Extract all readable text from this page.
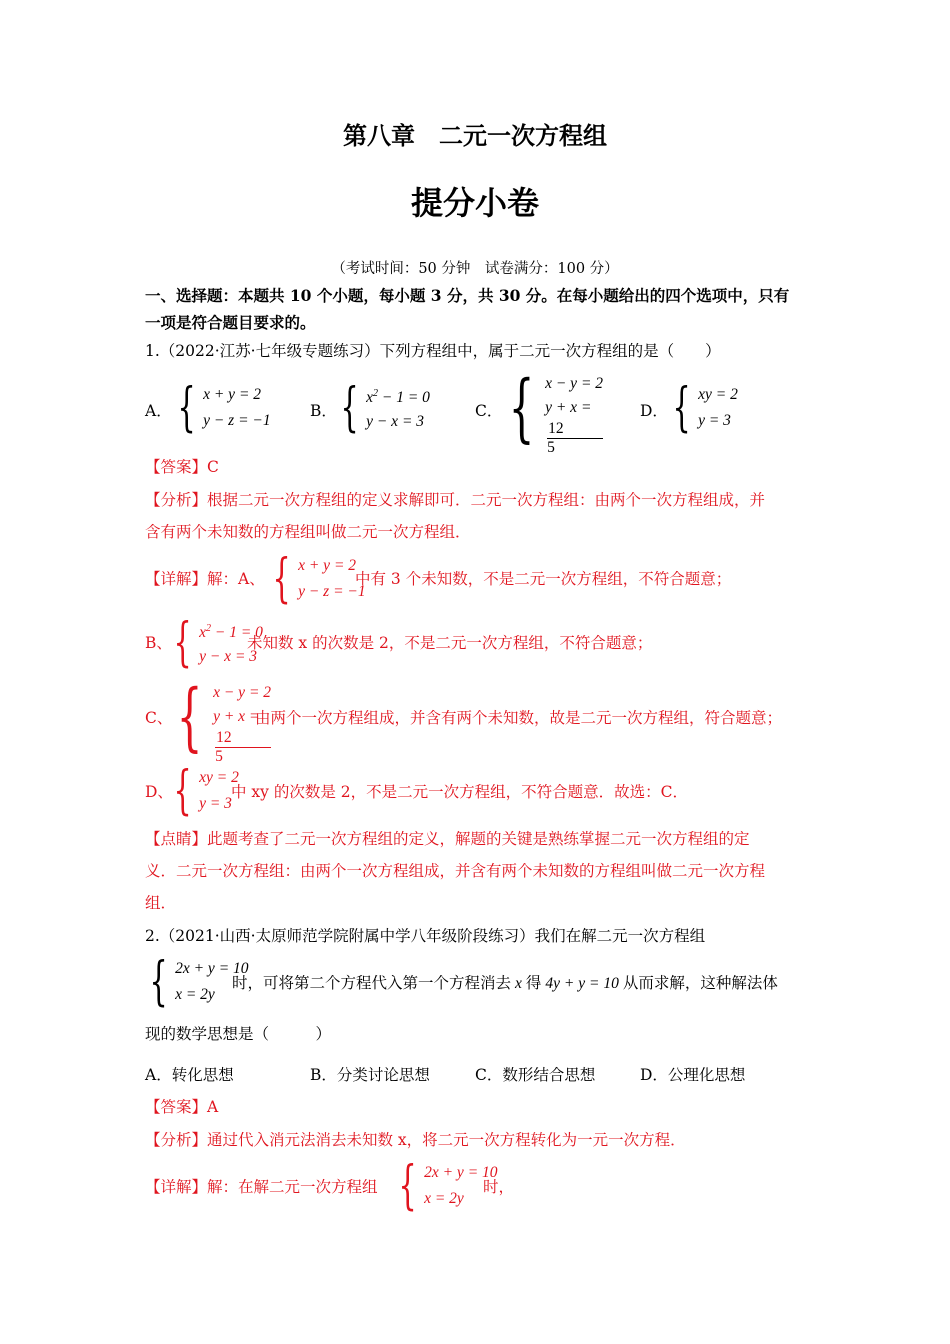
第八章　二元一次方程组
提分小卷
（考试时间：50 分钟　试卷满分：100 分）
一、选择题：本题共 10 个小题，每小题 3 分，共 30 分。在每小题给出的四个选项中，只有
一项是符合题目要求的。
1.（2022·江苏·七年级专题练习）下列方程组中，属于二元一次方程组的是（　　）
A． { x + y = 2
y − z = −1
B． { $x^2 - 1 = 0$
y − x = 3
C． { x − y = 2
y + x =
12
5
D． { xy = 2
y = 3
【答案】C
【分析】根据二元一次方程组的定义求解即可．二元一次方程组：由两个一次方程组成，并
含有两个未知数的方程组叫做二元一次方程组．
【详解】解：A、 { x + y = 2
y − z = −1
中有 3 个未知数，不是二元一次方程组，不符合题意；
B、 { $x^2 - 1 = 0$
y − x = 3
未知数 x 的次数是 2，不是二元一次方程组，不符合题意；
C、 { x − y = 2
y + x =
12
5
由两个一次方程组成，并含有两个未知数，故是二元一次方程组，符合题意；
D、 { xy = 2
y = 3
中 xy 的次数是 2，不是二元一次方程组，不符合题意．故选：C．
【点睛】此题考查了二元一次方程组的定义，解题的关键是熟练掌握二元一次方程组的定
义．二元一次方程组：由两个一次方程组成，并含有两个未知数的方程组叫做二元一次方程
组．
2.（2021·山西·太原师范学院附属中学八年级阶段练习）我们在解二元一次方程组
{ 2x + y = 10
x = 2y
时，可将第二个方程代入第一个方程消去 x 得 4y + y = 10 从而求解，这种解法体
现的数学思想是（　　　）
A．转化思想	B．分类讨论思想	C．数形结合思想	D．公理化思想
【答案】A
【分析】通过代入消元法消去未知数 x，将二元一次方程转化为一元一次方程．
【详解】解：在解二元一次方程组 { 2x + y = 10
x = 2y
时，
